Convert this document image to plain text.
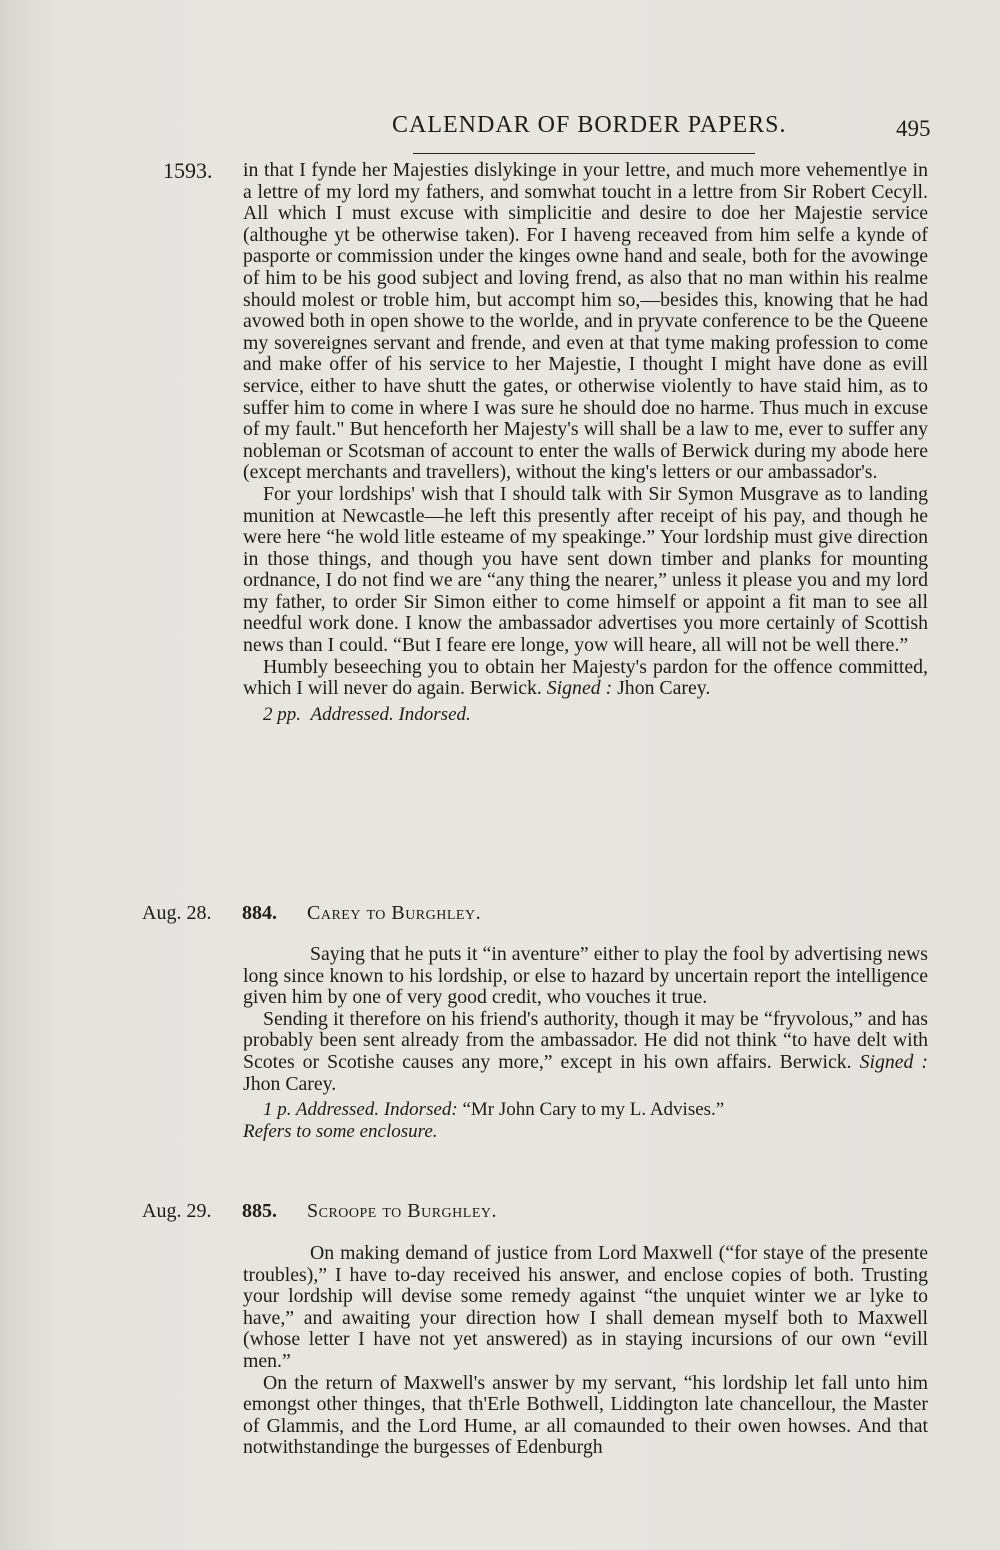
CALENDAR OF BORDER PAPERS.	495
1593. in that I fynde her Majesties dislykinge in your lettre, and much more vehementlye in a lettre of my lord my fathers, and somwhat toucht in a lettre from Sir Robert Cecyll. All which I must excuse with simplicitie and desire to doe her Majestie service (althoughe yt be otherwise taken). For I haveng receaved from him selfe a kynde of pasporte or commission under the kinges owne hand and seale, both for the avowinge of him to be his good subject and loving frend, as also that no man within his realme should molest or troble him, but accompt him so,—besides this, knowing that he had avowed both in open showe to the worlde, and in pryvate conference to be the Queene my sovereignes servant and frende, and even at that tyme making profession to come and make offer of his service to her Majestie, I thought I might have done as evill service, either to have shutt the gates, or otherwise violently to have staid him, as to suffer him to come in where I was sure he should doe no harme. Thus much in excuse of my fault." But henceforth her Majesty's will shall be a law to me, ever to suffer any nobleman or Scotsman of account to enter the walls of Berwick during my abode here (except merchants and travellers), without the king's letters or our ambassador's.

For your lordships' wish that I should talk with Sir Symon Musgrave as to landing munition at Newcastle—he left this presently after receipt of his pay, and though he were here “he wold litle esteame of my speakinge.” Your lordship must give direction in those things, and though you have sent down timber and planks for mounting ordnance, I do not find we are “any thing the nearer,” unless it please you and my lord my father, to order Sir Simon either to come himself or appoint a fit man to see all needful work done. I know the ambassador advertises you more certainly of Scottish news than I could. “But I feare ere longe, yow will heare, all will not be well there.”

Humbly beseeching you to obtain her Majesty's pardon for the offence committed, which I will never do again. Berwick. Signed : Jhon Carey.

2 pp. Addressed. Indorsed.

Aug. 28. 884. Carey to Burghley.

Saying that he puts it “in aventure” either to play the fool by advertising news long since known to his lordship, or else to hazard by uncertain report the intelligence given him by one of very good credit, who vouches it true.

Sending it therefore on his friend's authority, though it may be “fryvolous,” and has probably been sent already from the ambassador. He did not think “to have delt with Scotes or Scotishe causes any more,” except in his own affairs. Berwick. Signed : Jhon Carey.

1 p. Addressed. Indorsed: “Mr John Cary to my L. Advises.”
Refers to some enclosure.

Aug. 29. 885. Scroope to Burghley.

On making demand of justice from Lord Maxwell (“for staye of the presente troubles),” I have to-day received his answer, and enclose copies of both. Trusting your lordship will devise some remedy against “the unquiet winter we ar lyke to have,” and awaiting your direction how I shall demean myself both to Maxwell (whose letter I have not yet answered) as in staying incursions of our own “evill men.”

On the return of Maxwell's answer by my servant, “his lordship let fall unto him emongst other thinges, that th'Erle Bothwell, Liddington late chancellour, the Master of Glammis, and the Lord Hume, ar all comaunded to their owen howses. And that notwithstandinge the burgesses of Edenburgh
